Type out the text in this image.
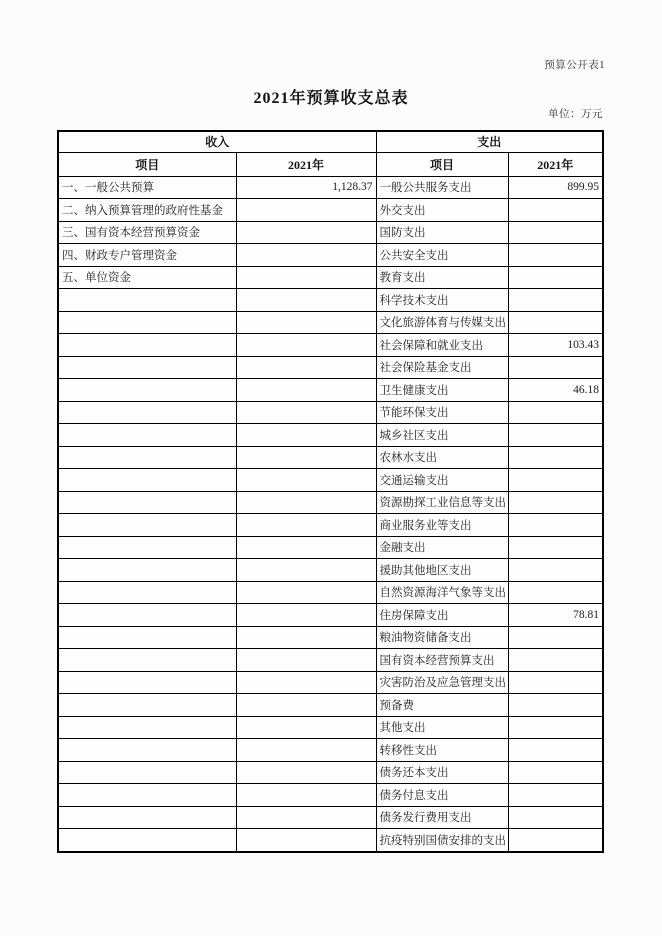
预算公开表1
2021年预算收支总表
单位：万元
收入		支出	
项目	2021年	项目	2021年
一、一般公共预算	1,128.37	一般公共服务支出	899.95
二、纳入预算管理的政府性基金		外交支出	
三、国有资本经营预算资金		国防支出	
四、财政专户管理资金		公共安全支出	
五、单位资金		教育支出	
		科学技术支出	
		文化旅游体育与传媒支出	
		社会保障和就业支出	103.43
		社会保险基金支出	
		卫生健康支出	46.18
		节能环保支出	
		城乡社区支出	
		农林水支出	
		交通运输支出	
		资源勘探工业信息等支出	
		商业服务业等支出	
		金融支出	
		援助其他地区支出	
		自然资源海洋气象等支出	
		住房保障支出	78.81
		粮油物资储备支出	
		国有资本经营预算支出	
		灾害防治及应急管理支出	
		预备费	
		其他支出	
		转移性支出	
		债务还本支出	
		债务付息支出	
		债务发行费用支出	
		抗疫特别国债安排的支出	
